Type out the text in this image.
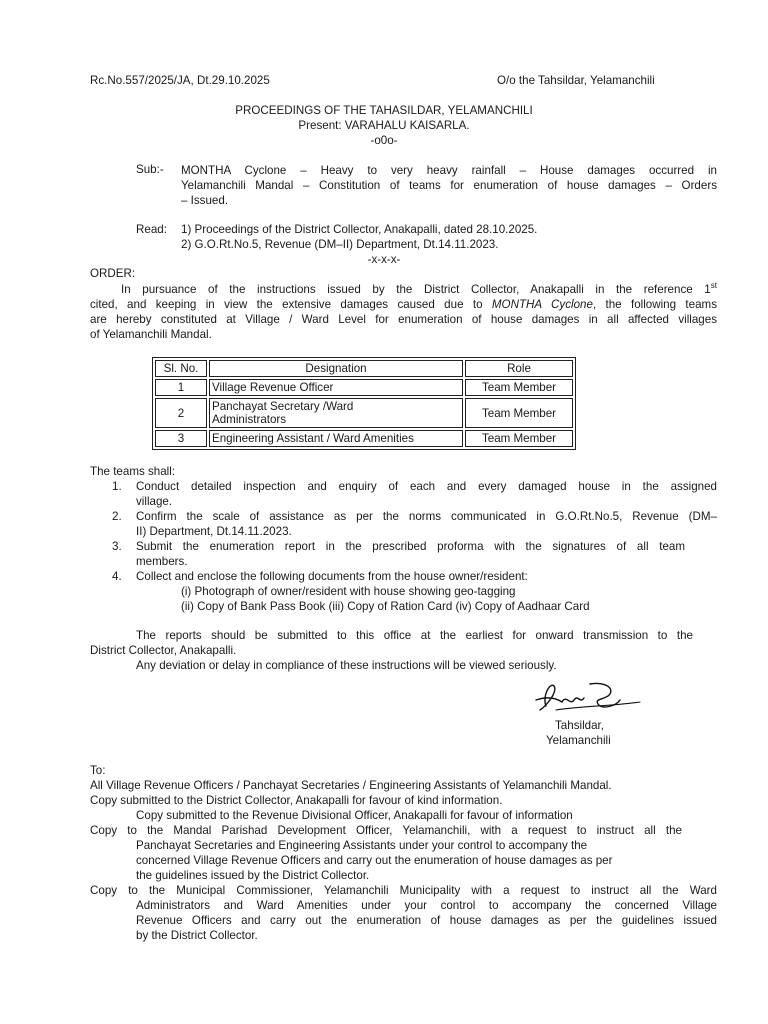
Rc.No.557/2025/JA, Dt.29.10.2025	O/o the Tahsildar, Yelamanchili
PROCEEDINGS OF THE TAHASILDAR, YELAMANCHILI
Present: VARAHALU KAISARLA.
-o0o-
Sub:- MONTHA Cyclone – Heavy to very heavy rainfall – House damages occurred in
Yelamanchili Mandal – Constitution of teams for enumeration of house damages – Orders
– Issued.
Read: 1) Proceedings of the District Collector, Anakapalli, dated 28.10.2025.
2) G.O.Rt.No.5, Revenue (DM–II) Department, Dt.14.11.2023.
-x-x-x-
ORDER:
In pursuance of the instructions issued by the District Collector, Anakapalli in the reference 1st
cited, and keeping in view the extensive damages caused due to MONTHA Cyclone, the following teams
are hereby constituted at Village / Ward Level for enumeration of house damages in all affected villages
of Yelamanchili Mandal.
Sl. No.	Designation	Role
1	Village Revenue Officer	Team Member
2	Panchayat Secretary /Ward
Administrators	Team Member
3	Engineering Assistant / Ward Amenities	Team Member
The teams shall:
1. Conduct detailed inspection and enquiry of each and every damaged house in the assigned
village.
2. Confirm the scale of assistance as per the norms communicated in G.O.Rt.No.5, Revenue (DM–
II) Department, Dt.14.11.2023.
3. Submit the enumeration report in the prescribed proforma with the signatures of all team
members.
4. Collect and enclose the following documents from the house owner/resident:
(i) Photograph of owner/resident with house showing geo-tagging
(ii) Copy of Bank Pass Book (iii) Copy of Ration Card (iv) Copy of Aadhaar Card
The reports should be submitted to this office at the earliest for onward transmission to the
District Collector, Anakapalli.
Any deviation or delay in compliance of these instructions will be viewed seriously.
Tahsildar,
Yelamanchili
To:
All Village Revenue Officers / Panchayat Secretaries / Engineering Assistants of Yelamanchili Mandal.
Copy submitted to the District Collector, Anakapalli for favour of kind information.
Copy submitted to the Revenue Divisional Officer, Anakapalli for favour of information
Copy to the Mandal Parishad Development Officer, Yelamanchili, with a request to instruct all the
Panchayat Secretaries and Engineering Assistants under your control to accompany the
concerned Village Revenue Officers and carry out the enumeration of house damages as per
the guidelines issued by the District Collector.
Copy to the Municipal Commissioner, Yelamanchili Municipality with a request to instruct all the Ward
Administrators and Ward Amenities under your control to accompany the concerned Village
Revenue Officers and carry out the enumeration of house damages as per the guidelines issued
by the District Collector.
